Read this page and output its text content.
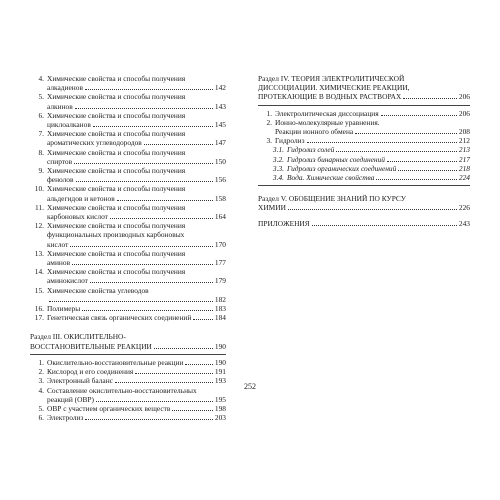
4. Химические свойства и способы получения
алкадиенов	142
5. Химические свойства и способы получения
алкинов	143
6. Химические свойства и способы получения
циклоалканов	145
7. Химические свойства и способы получения
ароматических углеводородов	147
8. Химические свойства и способы получения
спиртов	150
9. Химические свойства и способы получения
фенолов	156
10. Химические свойства и способы получения
альдегидов и кетонов	158
11. Химические свойства и способы получения
карбоновых кислот	164
12. Химические свойства и способы получения
функциональных производных карбоновых
кислот	170
13. Химические свойства и способы получения
аминов	177
14. Химические свойства и способы получения
аминокислот	179
15. Химические свойства углеводов
182
16. Полимеры	183
17. Генетическая связь органических соединений	184
Раздел III. ОКИСЛИТЕЛЬНО-
ВОССТАНОВИТЕЛЬНЫЕ РЕАКЦИИ	190
1. Окислительно-восстановительные реакции	190
2. Кислород и его соединения	191
3. Электронный баланс	193
4. Составление окислительно-восстановительных
реакций (ОВР)	195
5. ОВР с участием органических веществ	198
6. Электролиз	203
Раздел IV. ТЕОРИЯ ЭЛЕКТРОЛИТИЧЕСКОЙ
ДИССОЦИАЦИИ. ХИМИЧЕСКИЕ РЕАКЦИИ,
ПРОТЕКАЮЩИЕ В ВОДНЫХ РАСТВОРАХ	206
1. Электролитическая диссоциация	206
2. Ионно-молекулярные уравнения.
Реакции ионного обмена	208
3. Гидролиз	212
3.1. Гидролиз солей	213
3.2. Гидролиз бинарных соединений	217
3.3. Гидролиз органических соединений	218
3.4. Вода. Химические свойства	224
Раздел V. ОБОБЩЕНИЕ ЗНАНИЙ ПО КУРСУ
ХИМИИ	226
ПРИЛОЖЕНИЯ	243
252
